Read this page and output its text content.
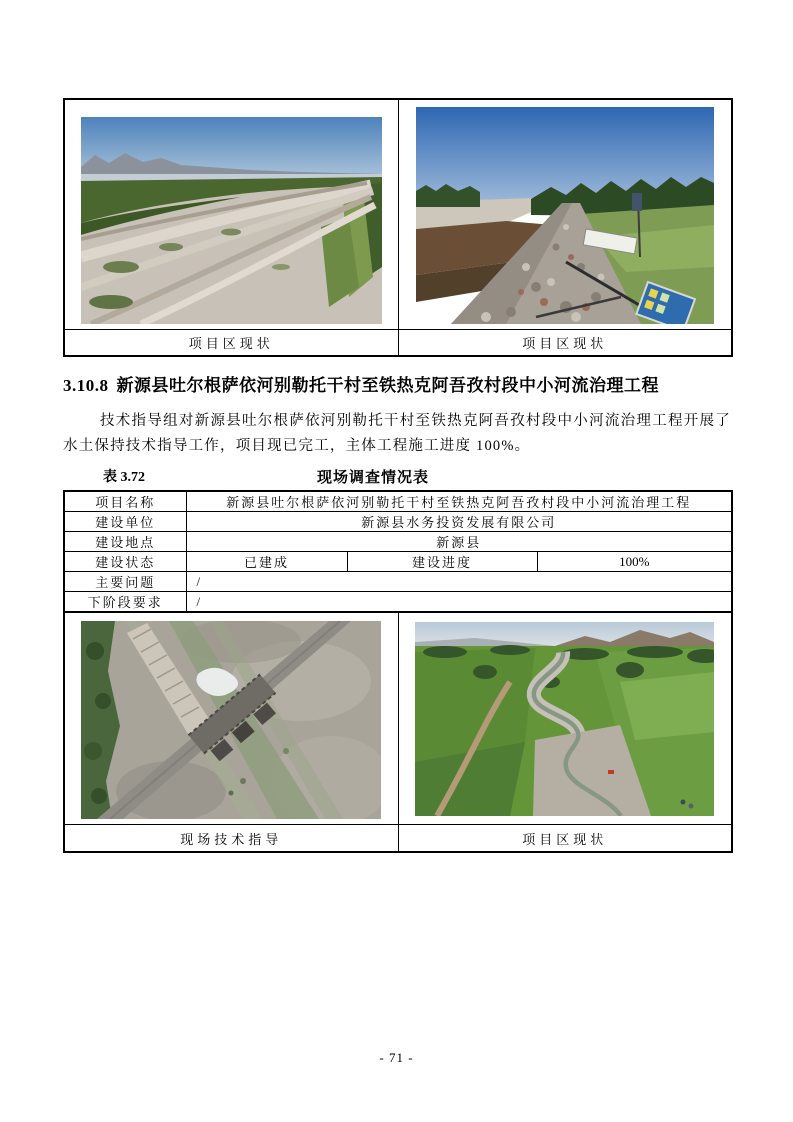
项目区现状	项目区现状
3.10.8 新源县吐尔根萨依河别勒托干村至铁热克阿吾孜村段中小河流治理工程

技术指导组对新源县吐尔根萨依河别勒托干村至铁热克阿吾孜村段中小河流治理工程开展了水土保持技术指导工作，项目现已完工，主体工程施工进度 100%。

表 3.72	现场调查情况表
项目名称	新源县吐尔根萨依河别勒托干村至铁热克阿吾孜村段中小河流治理工程		
建设单位	新源县水务投资发展有限公司		
建设地点	新源县		
建设状态	已建成	建设进度	100%
主要问题	/		
下阶段要求	/		

现场技术指导	项目区现状
- 71 -
